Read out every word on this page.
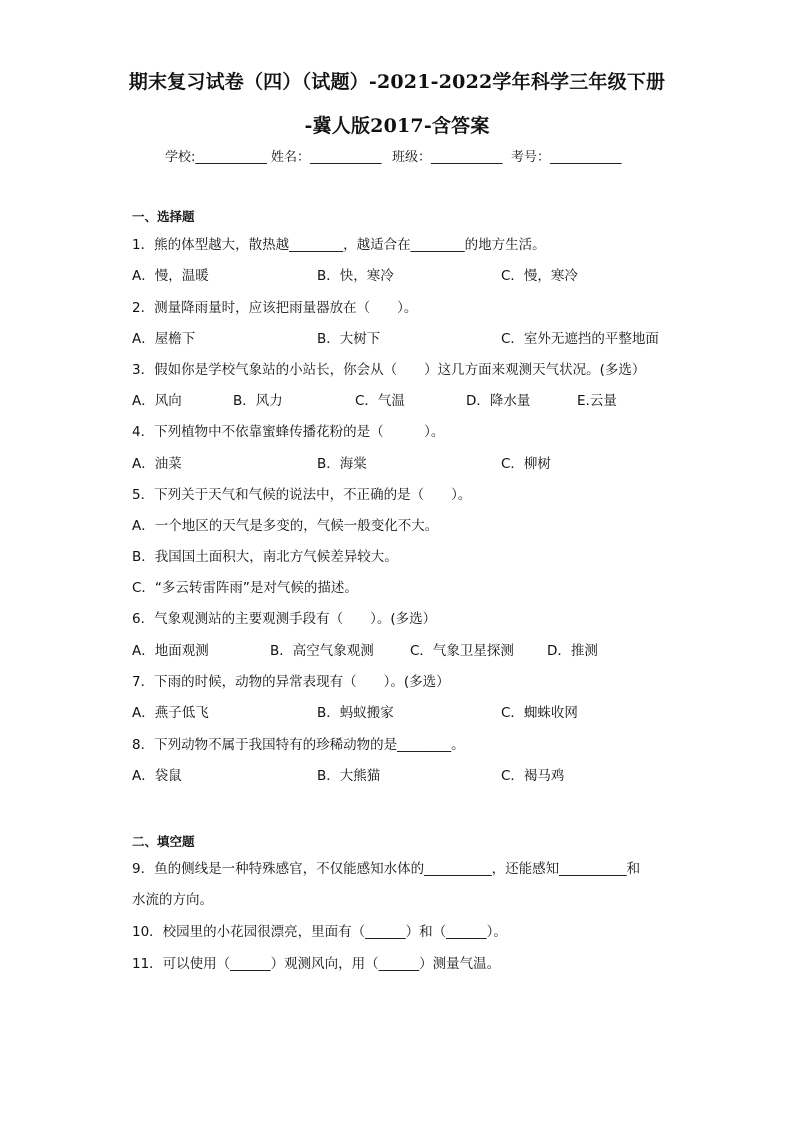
期末复习试卷（四）（试题）-2021-2022学年科学三年级下册
-冀人版2017-含答案
学校:___________ 姓名：___________ 班级：___________ 考号：___________
一、选择题
1．熊的体型越大，散热越________，越适合在________的地方生活。
A．慢，温暖	B．快，寒冷	C．慢，寒冷
2．测量降雨量时，应该把雨量器放在（　　）。
A．屋檐下	B．大树下	C．室外无遮挡的平整地面
3．假如你是学校气象站的小站长，你会从（　　）这几方面来观测天气状况。(多选）
A．风向	B．风力	C．气温	D．降水量	E.云量
4．下列植物中不依靠蜜蜂传播花粉的是（　　　）。
A．油菜	B．海棠	C．柳树
5．下列关于天气和气候的说法中，不正确的是（　　）。
A．一个地区的天气是多变的，气候一般变化不大。
B．我国国土面积大，南北方气候差异较大。
C．“多云转雷阵雨”是对气候的描述。
6．气象观测站的主要观测手段有（　　）。(多选）
A．地面观测	B．高空气象观测	C．气象卫星探测 D．推测
7．下雨的时候，动物的异常表现有（　　）。(多选）
A．燕子低飞	B．蚂蚁搬家	C．蜘蛛收网
8．下列动物不属于我国特有的珍稀动物的是________。
A．袋鼠	B．大熊猫	C．褐马鸡
二、填空题
9．鱼的侧线是一种特殊感官，不仅能感知水体的__________，还能感知__________和
水流的方向。
10．校园里的小花园很漂亮，里面有（______）和（______）。
11．可以使用（______）观测风向，用（______）测量气温。
